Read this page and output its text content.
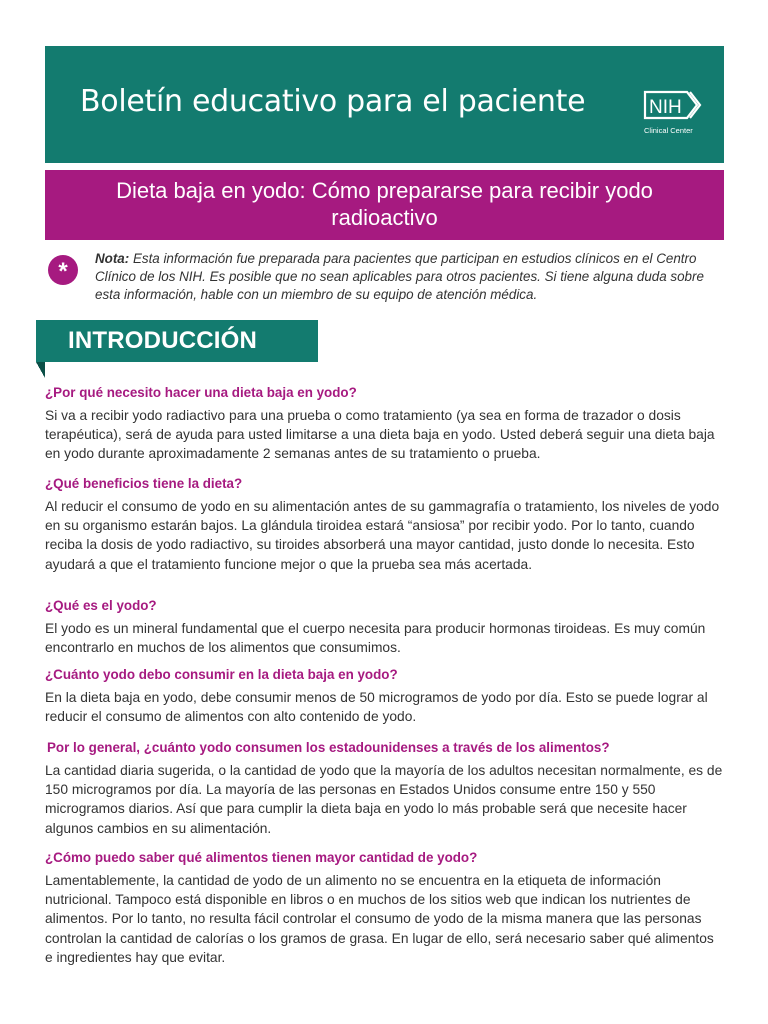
Boletín educativo para el paciente	NIH
Clinical Center
Dieta baja en yodo: Cómo prepararse para recibir yodo
radioactivo
*	Nota: Esta información fue preparada para pacientes que participan en estudios clínicos en el Centro Clínico de los NIH. Es posible que no sean aplicables para otros pacientes. Si tiene alguna duda sobre esta información, hable con un miembro de su equipo de atención médica.
INTRODUCCIÓN

¿Por qué necesito hacer una dieta baja en yodo?

Si va a recibir yodo radiactivo para una prueba o como tratamiento (ya sea en forma de trazador o dosis terapéutica), será de ayuda para usted limitarse a una dieta baja en yodo. Usted deberá seguir una dieta baja en yodo durante aproximadamente 2 semanas antes de su tratamiento o prueba.

¿Qué beneficios tiene la dieta?

Al reducir el consumo de yodo en su alimentación antes de su gammagrafía o tratamiento, los niveles de yodo en su organismo estarán bajos. La glándula tiroidea estará “ansiosa” por recibir yodo. Por lo tanto, cuando reciba la dosis de yodo radiactivo, su tiroides absorberá una mayor cantidad, justo donde lo necesita. Esto ayudará a que el tratamiento funcione mejor o que la prueba sea más acertada.

¿Qué es el yodo?

El yodo es un mineral fundamental que el cuerpo necesita para producir hormonas tiroideas. Es muy común encontrarlo en muchos de los alimentos que consumimos.

¿Cuánto yodo debo consumir en la dieta baja en yodo?

En la dieta baja en yodo, debe consumir menos de 50 microgramos de yodo por día. Esto se puede lograr al reducir el consumo de alimentos con alto contenido de yodo.

Por lo general, ¿cuánto yodo consumen los estadounidenses a través de los alimentos?

La cantidad diaria sugerida, o la cantidad de yodo que la mayoría de los adultos necesitan normalmente, es de 150 microgramos por día. La mayoría de las personas en Estados Unidos consume entre 150 y 550 microgramos diarios. Así que para cumplir la dieta baja en yodo lo más probable será que necesite hacer algunos cambios en su alimentación.

¿Cómo puedo saber qué alimentos tienen mayor cantidad de yodo?

Lamentablemente, la cantidad de yodo de un alimento no se encuentra en la etiqueta de información nutricional. Tampoco está disponible en libros o en muchos de los sitios web que indican los nutrientes de alimentos. Por lo tanto, no resulta fácil controlar el consumo de yodo de la misma manera que las personas controlan la cantidad de calorías o los gramos de grasa. En lugar de ello, será necesario saber qué alimentos e ingredientes hay que evitar.
